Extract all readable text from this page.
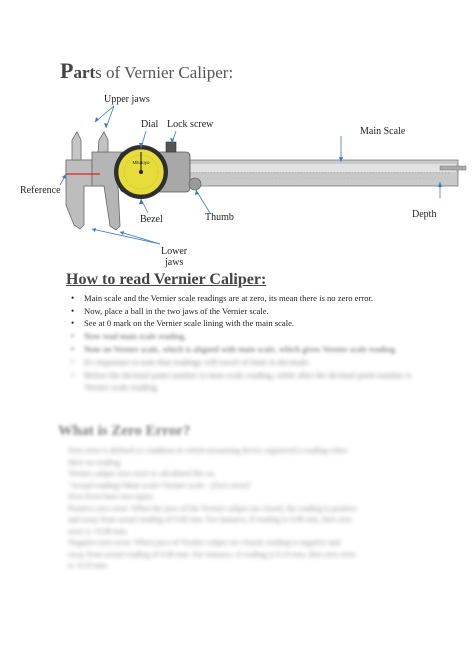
Parts of Vernier Caliper:
Mitutoyo
Upper jaws
Dial Lock screw
Main Scale
Reference
Bezel	Thumb	Depth
Lower
jaws
How to read Vernier Caliper:
• Main scale and the Vernier scale readings are at zero, its mean there is no zero error.
• Now, place a ball in the two jaws of the Vernier scale.
• See at 0 mark on the Vernier scale lining with the main scale.
• Now read main scale reading.
• Note on Vernier scale, which is aligned with main scale, which gives Vernier scale reading.
• It's important to note that readings will travel of limit to decimals.
• Before the decimal point number is main scale reading, while after the decimal point number is Vernier scale reading.
What is Zero Error?
Zero error is defined as condition in which measuring device registered a reading when
there no reading.
Vernier caliper zero error is calculated like so.
"Actual reading=Main scale+Vernier scale - (Zero error)"
Zero Error have two types:
Positive zero error: When the jaws of the Vernier caliper are closed, the reading is positive
and away from actual reading of 0.00 mm. For instance, if reading is 0.08 mm, then zero
error is +0.08 mm.
Negative zero error: When jaws of Vernier caliper are closed, reading is negative and
away from actual reading of 0.00 mm. For instance, if reading is 0.10 mm, then zero error
is -0.10 mm.
